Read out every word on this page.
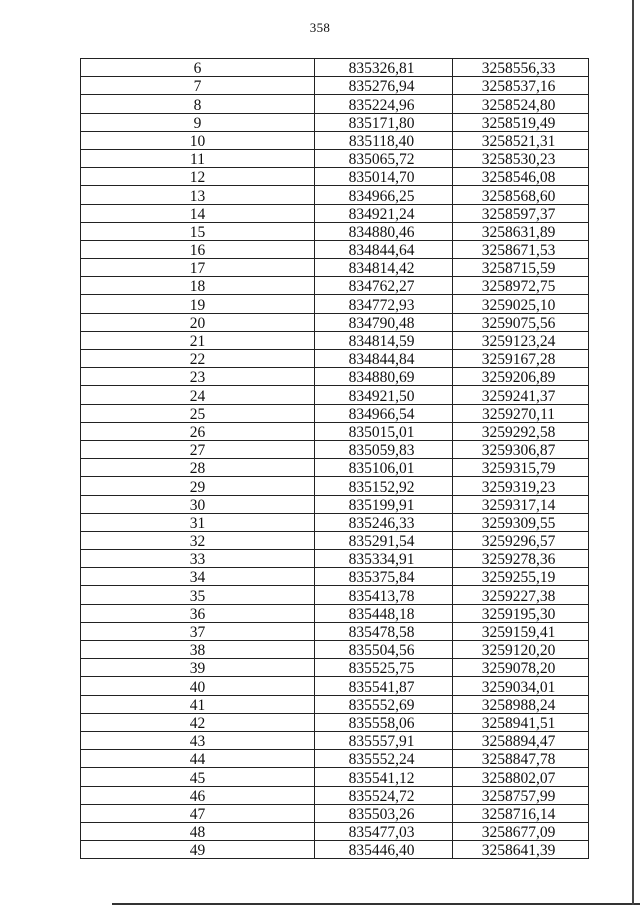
358
6	835326,81	3258556,33
7	835276,94	3258537,16
8	835224,96	3258524,80
9	835171,80	3258519,49
10	835118,40	3258521,31
11	835065,72	3258530,23
12	835014,70	3258546,08
13	834966,25	3258568,60
14	834921,24	3258597,37
15	834880,46	3258631,89
16	834844,64	3258671,53
17	834814,42	3258715,59
18	834762,27	3258972,75
19	834772,93	3259025,10
20	834790,48	3259075,56
21	834814,59	3259123,24
22	834844,84	3259167,28
23	834880,69	3259206,89
24	834921,50	3259241,37
25	834966,54	3259270,11
26	835015,01	3259292,58
27	835059,83	3259306,87
28	835106,01	3259315,79
29	835152,92	3259319,23
30	835199,91	3259317,14
31	835246,33	3259309,55
32	835291,54	3259296,57
33	835334,91	3259278,36
34	835375,84	3259255,19
35	835413,78	3259227,38
36	835448,18	3259195,30
37	835478,58	3259159,41
38	835504,56	3259120,20
39	835525,75	3259078,20
40	835541,87	3259034,01
41	835552,69	3258988,24
42	835558,06	3258941,51
43	835557,91	3258894,47
44	835552,24	3258847,78
45	835541,12	3258802,07
46	835524,72	3258757,99
47	835503,26	3258716,14
48	835477,03	3258677,09
49	835446,40	3258641,39
